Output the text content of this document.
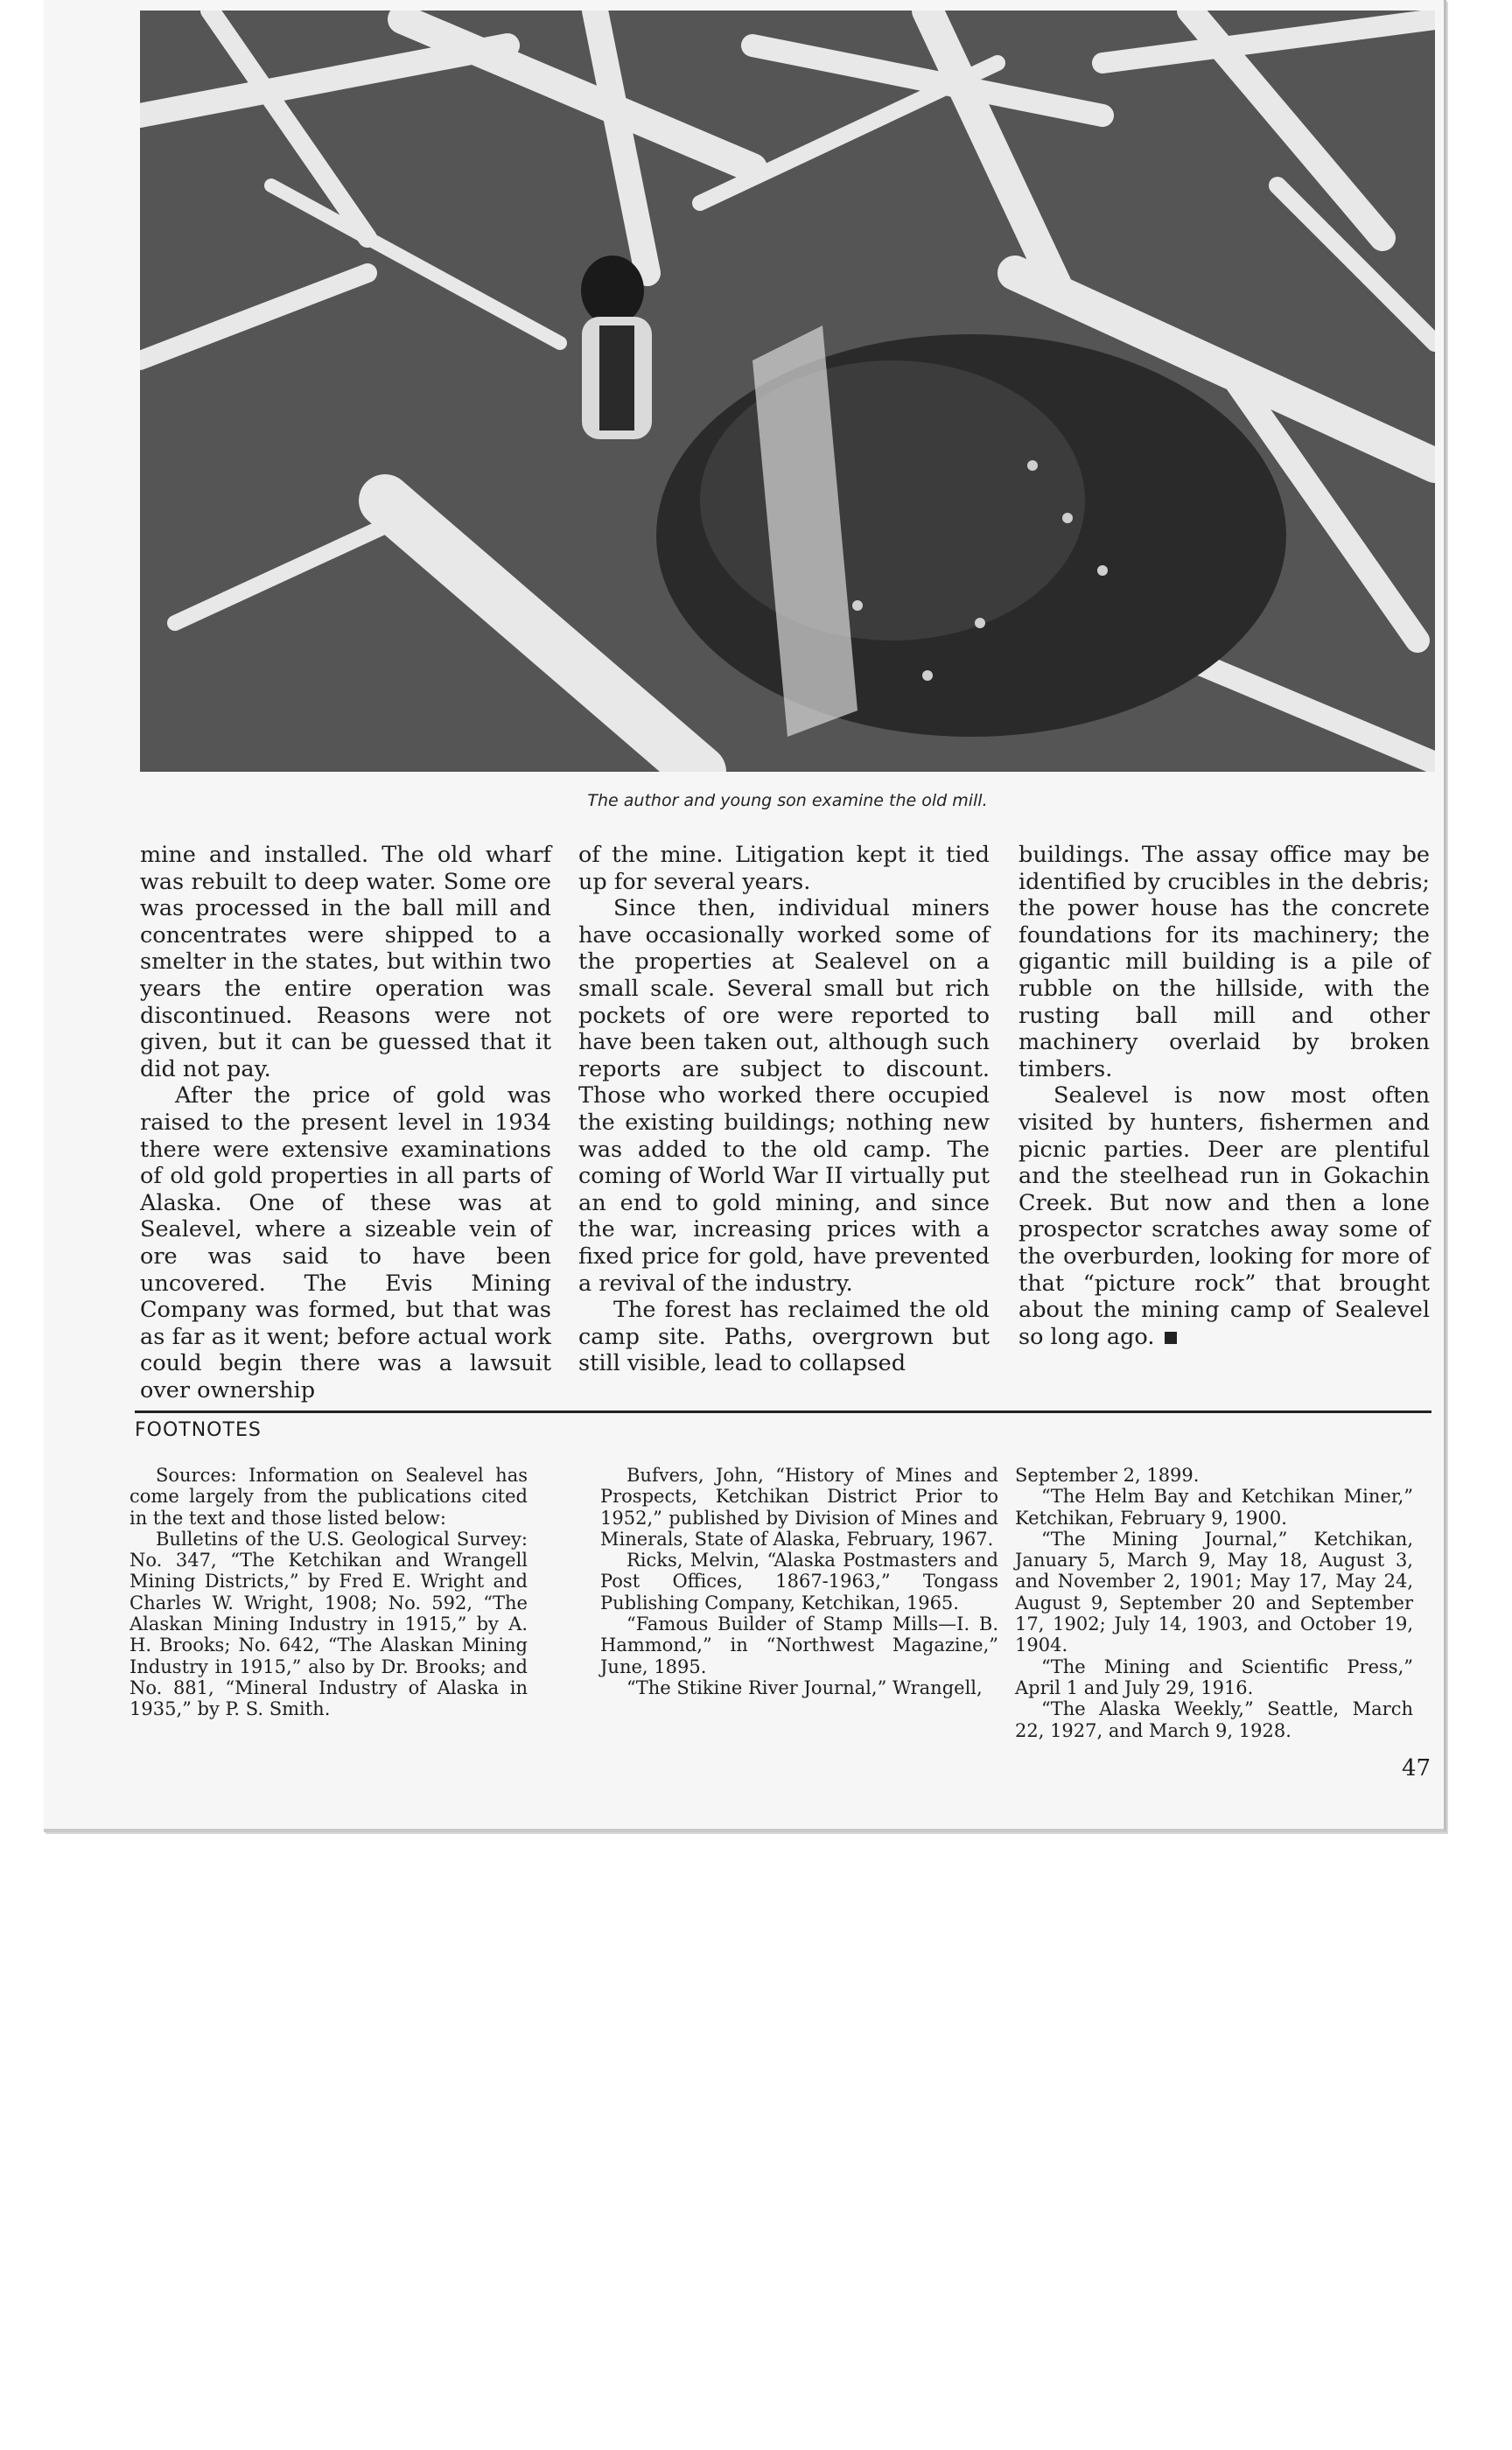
The author and young son examine the old mill.

mine and installed. The old wharf was rebuilt to deep water. Some ore was processed in the ball mill and concentrates were shipped to a smelter in the states, but within two years the entire operation was discontinued. Reasons were not given, but it can be guessed that it did not pay.

After the price of gold was raised to the present level in 1934 there were extensive examinations of old gold properties in all parts of Alaska. One of these was at Sealevel, where a sizeable vein of ore was said to have been uncovered. The Evis Mining Company was formed, but that was as far as it went; before actual work could begin there was a lawsuit over ownership

of the mine. Litigation kept it tied up for several years.

Since then, individual miners have occasionally worked some of the properties at Sealevel on a small scale. Several small but rich pockets of ore were reported to have been taken out, although such reports are subject to discount. Those who worked there occupied the existing buildings; nothing new was added to the old camp. The coming of World War II virtually put an end to gold mining, and since the war, increasing prices with a fixed price for gold, have prevented a revival of the industry.

The forest has reclaimed the old camp site. Paths, overgrown but still visible, lead to collapsed

buildings. The assay office may be identified by crucibles in the debris; the power house has the concrete foundations for its machinery; the gigantic mill building is a pile of rubble on the hillside, with the rusting ball mill and other machinery overlaid by broken timbers.

Sealevel is now most often visited by hunters, fishermen and picnic parties. Deer are plentiful and the steelhead run in Gokachin Creek. But now and then a lone prospector scratches away some of the overburden, looking for more of that “picture rock” that brought about the mining camp of Sealevel so long ago.

FOOTNOTES

Sources: Information on Sealevel has come largely from the publications cited in the text and those listed below:

Bulletins of the U.S. Geological Survey: No. 347, “The Ketchikan and Wrangell Mining Districts,” by Fred E. Wright and Charles W. Wright, 1908; No. 592, “The Alaskan Mining Industry in 1915,” by A. H. Brooks; No. 642, “The Alaskan Mining Industry in 1915,” also by Dr. Brooks; and No. 881, “Mineral Industry of Alaska in 1935,” by P. S. Smith.

Bufvers, John, “History of Mines and Prospects, Ketchikan District Prior to 1952,” published by Division of Mines and Minerals, State of Alaska, February, 1967.

Ricks, Melvin, “Alaska Postmasters and Post Offices, 1867-1963,” Tongass Publishing Company, Ketchikan, 1965.

“Famous Builder of Stamp Mills—I. B. Hammond,” in “Northwest Magazine,” June, 1895.

“The Stikine River Journal,” Wrangell,

September 2, 1899.

“The Helm Bay and Ketchikan Miner,” Ketchikan, February 9, 1900.

“The Mining Journal,” Ketchikan, January 5, March 9, May 18, August 3, and November 2, 1901; May 17, May 24, August 9, September 20 and September 17, 1902; July 14, 1903, and October 19, 1904.

“The Mining and Scientific Press,” April 1 and July 29, 1916.

“The Alaska Weekly,” Seattle, March 22, 1927, and March 9, 1928.

47
